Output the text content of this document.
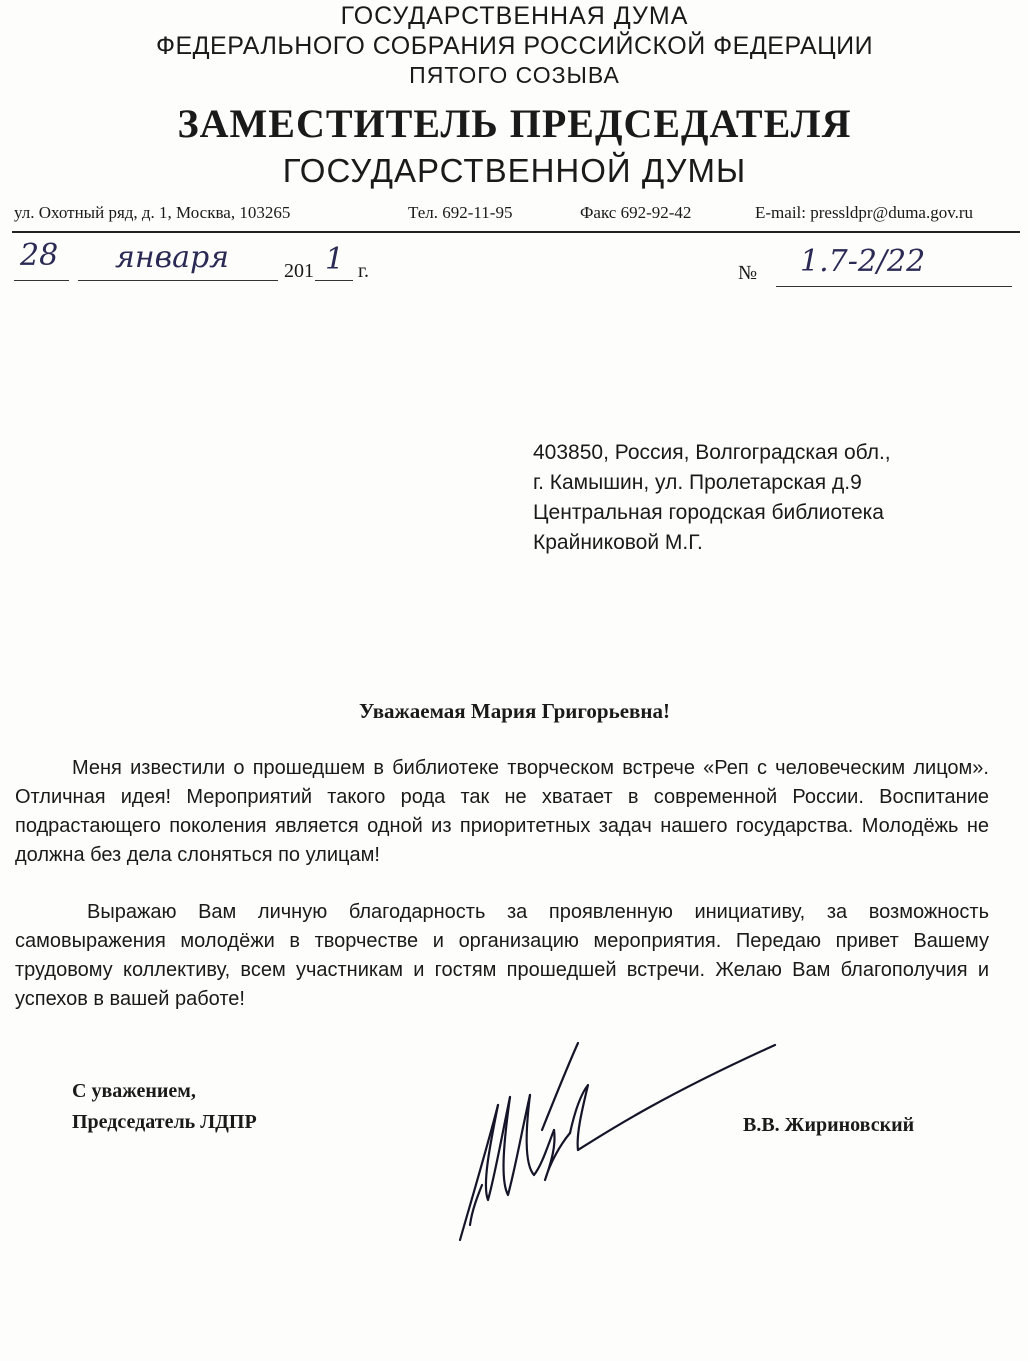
ГОСУДАРСТВЕННАЯ ДУМА
ФЕДЕРАЛЬНОГО СОБРАНИЯ РОССИЙСКОЙ ФЕДЕРАЦИИ
ПЯТОГО СОЗЫВА
ЗАМЕСТИТЕЛЬ ПРЕДСЕДАТЕЛЯ
ГОСУДАРСТВЕННОЙ ДУМЫ
ул. Охотный ряд, д. 1, Москва, 103265	Тел. 692-11-95	Факс 692-92-42	E-mail: pressldpr@duma.gov.ru
28 января	201 1 г.	№ 1.7-2/22
403850, Россия, Волгоградская обл.,
г. Камышин, ул. Пролетарская д.9
Центральная городская библиотека
Крайниковой М.Г.
Уважаемая Мария Григорьевна!
Меня известили о прошедшем в библиотеке творческом встрече «Реп с человеческим лицом». Отличная идея! Мероприятий такого рода так не хватает в современной России. Воспитание подрастающего поколения является одной из приоритетных задач нашего государства. Молодёжь не должна без дела слоняться по улицам!
Выражаю Вам личную благодарность за проявленную инициативу, за возможность самовыражения молодёжи в творчестве и организацию мероприятия. Передаю привет Вашему трудовому коллективу, всем участникам и гостям прошедшей встречи. Желаю Вам благополучия и успехов в вашей работе!
С уважением,
Председатель ЛДПР	В.В. Жириновский
